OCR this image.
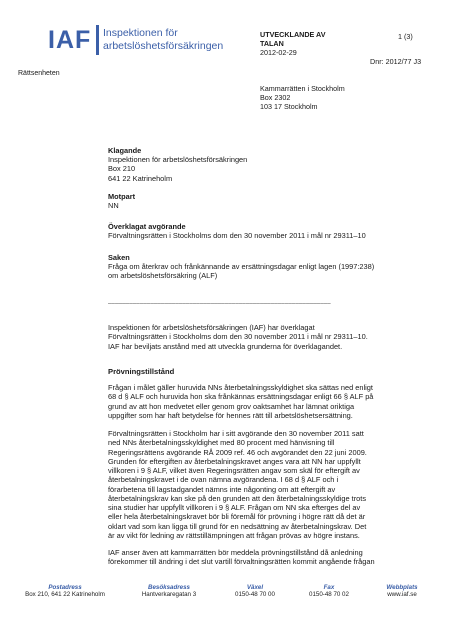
IAF Inspektionen för
arbetslöshetsförsäkringen
Rättsenheten
UTVECKLANDE AV
TALAN
1 (3)
2012-02-29
Dnr: 2012/77 J3
Kammarrätten i Stockholm
Box 2302
103 17 Stockholm
Klagande
Inspektionen för arbetslöshetsförsäkringen
Box 210
641 22 Katrineholm
Motpart
NN
Överklagat avgörande
Förvaltningsrätten i Stockholms dom den 30 november 2011 i mål nr 29311–10
Saken
Fråga om återkrav och frånkännande av ersättningsdagar enligt lagen (1997:238)
om arbetslöshetsförsäkring (ALF)
_______________________________________________________________
Inspektionen för arbetslöshetsförsäkringen (IAF) har överklagat
Förvaltningsrätten i Stockholms dom den 30 november 2011 i mål nr 29311–10.
IAF har beviljats anstånd med att utveckla grunderna för överklagandet.
Prövningstillstånd
Frågan i målet gäller huruvida NNs återbetalningsskyldighet ska sättas ned enligt
68 d § ALF och huruvida hon ska frånkännas ersättningsdagar enligt 66 § ALF på
grund av att hon medvetet eller genom grov oaktsamhet har lämnat oriktiga
uppgifter som har haft betydelse för hennes rätt till arbetslöshetsersättning.
Förvaltningsrätten i Stockholm har i sitt avgörande den 30 november 2011 satt
ned NNs återbetalningsskyldighet med 80 procent med hänvisning till
Regeringsrättens avgörande RÅ 2009 ref. 46 och avgörandet den 22 juni 2009.
Grunden för eftergiften av återbetalningskravet anges vara att NN har uppfyllt
villkoren i 9 § ALF, vilket även Regeringsrätten angav som skäl för eftergift av
återbetalningskravet i de ovan nämna avgörandena. I 68 d § ALF och i
förarbetena till lagstadgandet nämns inte någonting om att eftergift av
återbetalningskrav kan ske på den grunden att den återbetalningsskyldige trots
sina studier har uppfyllt villkoren i 9 § ALF. Frågan om NN ska efterges del av
eller hela återbetalningskravet bör bli föremål för prövning i högre rätt då det är
oklart vad som kan ligga till grund för en nedsättning av återbetalningskrav. Det
är av vikt för ledning av rättstillämpningen att frågan prövas av högre instans.
IAF anser även att kammarrätten bör meddela prövningstillstånd då anledning
förekommer till ändring i det slut vartill förvaltningsrätten kommit angående frågan
Postadress
Box 210, 641 22 Katrineholm
Besöksadress
Hantverkaregatan 3
Växel
0150-48 70 00
Fax
0150-48 70 02
Webbplats
www.iaf.se
